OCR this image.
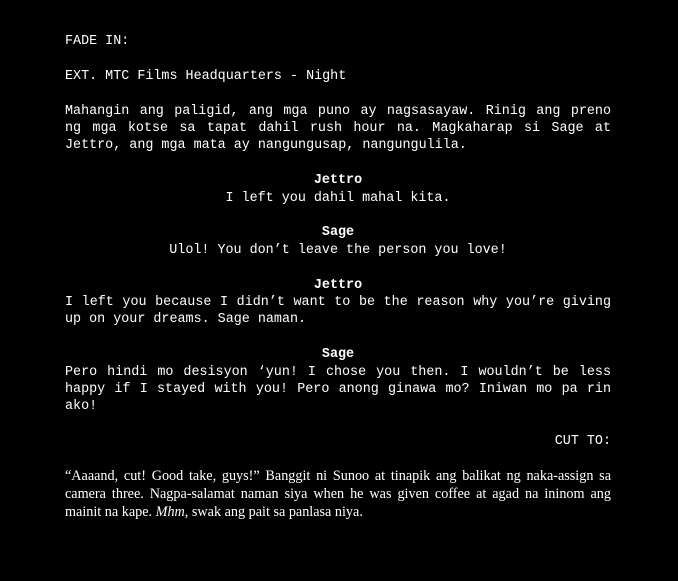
FADE IN:
EXT. MTC Films Headquarters - Night
Mahangin ang paligid, ang mga puno ay nagsasayaw. Rinig ang preno ng mga kotse sa tapat dahil rush hour na. Magkaharap si Sage at Jettro, ang mga mata ay nangungusap, nangungulila.
Jettro
I left you dahil mahal kita.
Sage
Ulol! You don’t leave the person you love!
Jettro
I left you because I didn’t want to be the reason why you’re giving up on your dreams. Sage naman.
Sage
Pero hindi mo desisyon ‘yun! I chose you then. I wouldn’t be less happy if I stayed with you! Pero anong ginawa mo? Iniwan mo pa rin ako!
CUT TO:
“Aaaand, cut! Good take, guys!” Banggit ni Sunoo at tinapik ang balikat ng naka-assign sa camera three. Nagpa-salamat naman siya when he was given coffee at agad na ininom ang mainit na kape. Mhm, swak ang pait sa panlasa niya.
